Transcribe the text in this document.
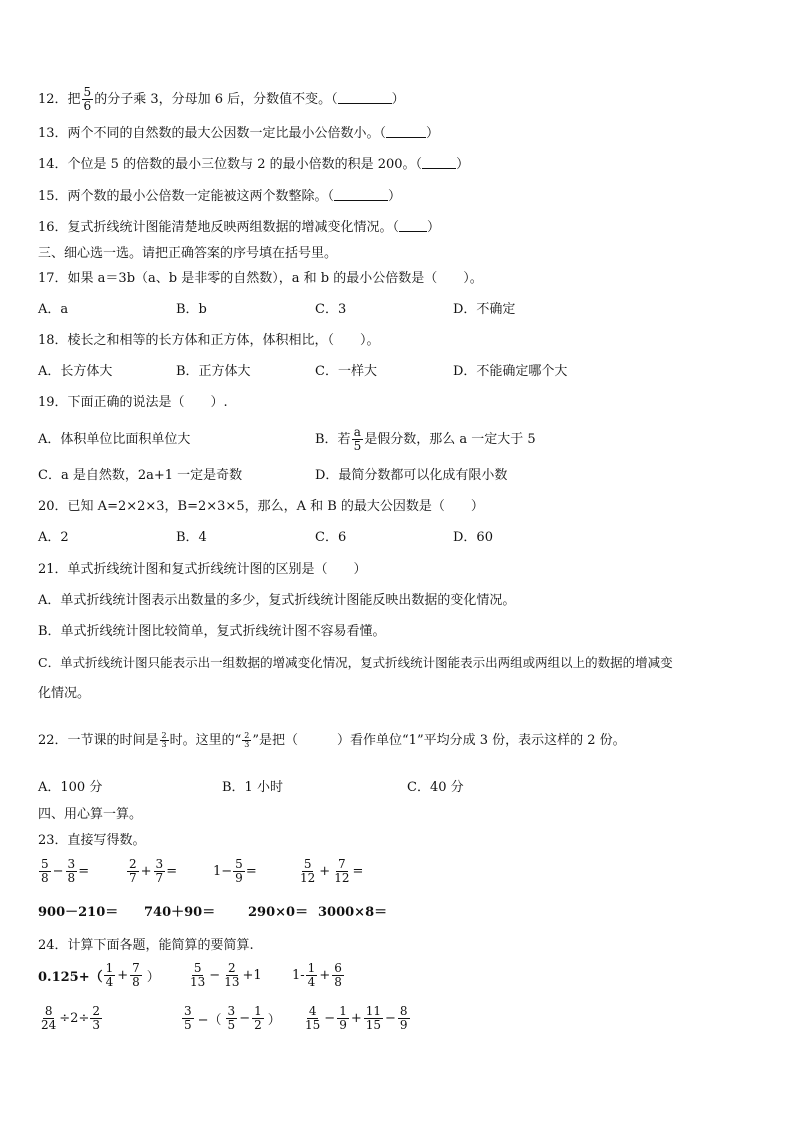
12．把 $\frac{5}{6}$ 的分子乘 3，分母加 6 后，分数值不变。（	）
13．两个不同的自然数的最大公因数一定比最小公倍数小。（	）
14．个位是 5 的倍数的最小三位数与 2 的最小倍数的积是 200。（	）
15．两个数的最小公倍数一定能被这两个数整除。（	）
16．复式折线统计图能清楚地反映两组数据的增减变化情况。（ ）
三、细心选一选。请把正确答案的序号填在括号里。
17．如果 a＝3b（a、b 是非零的自然数），a 和 b 的最小公倍数是（　　）。
A．a	B．b	C．3	D．不确定
18．棱长之和相等的长方体和正方体，体积相比，（　　）。
A．长方体大	B．正方体大	C．一样大	D．不能确定哪个大
19．下面正确的说法是（　　）.
A．体积单位比面积单位大	B．若 $\frac{a}{5}$ 是假分数，那么 a 一定大于 5
C．a 是自然数，2a+1 一定是奇数	D．最简分数都可以化成有限小数
20．已知 A=2×2×3，B=2×3×5，那么，A 和 B 的最大公因数是（　　）
A．2	B．4	C．6	D．60
21．单式折线统计图和复式折线统计图的区别是（　　）
A．单式折线统计图表示出数量的多少，复式折线统计图能反映出数据的变化情况。
B．单式折线统计图比较简单，复式折线统计图不容易看懂。
C．单式折线统计图只能表示出一组数据的增减变化情况，复式折线统计图能表示出两组或两组以上的数据的增减变
化情况。
22．一节课的时间是 $\frac{2}{3}$ 时。这里的“ $\frac{2}{3}$ ”是把（　　　）看作单位“1”平均分成 3 份，表示这样的 2 份。
A．100 分	B．1 小时	C．40 分
四、用心算一算。
23．直接写得数。
$\frac{5}{8} - \frac{3}{8}$ =	$\frac{2}{7} + \frac{3}{7}$ =	$1- \frac{5}{9}$ =	$\frac{5}{12} + \frac{7}{12}$ =
900－210＝ 740＋90＝	290×0＝ 3000×8＝
24．计算下面各题，能简算的要简算.
$0.125+( \frac{1}{4} + \frac{7}{8}$ ） $\frac{5}{13} - \frac{2}{13} +1$ $1- \frac{1}{4} + \frac{6}{8}$
$\frac{8}{24} \div 2\div \frac{2}{3}$	$\frac{3}{5}$ −（ $\frac{3}{5} - \frac{1}{2}$ ） $\frac{4}{15} - \frac{1}{9} + \frac{11}{15} - \frac{8}{9}$
